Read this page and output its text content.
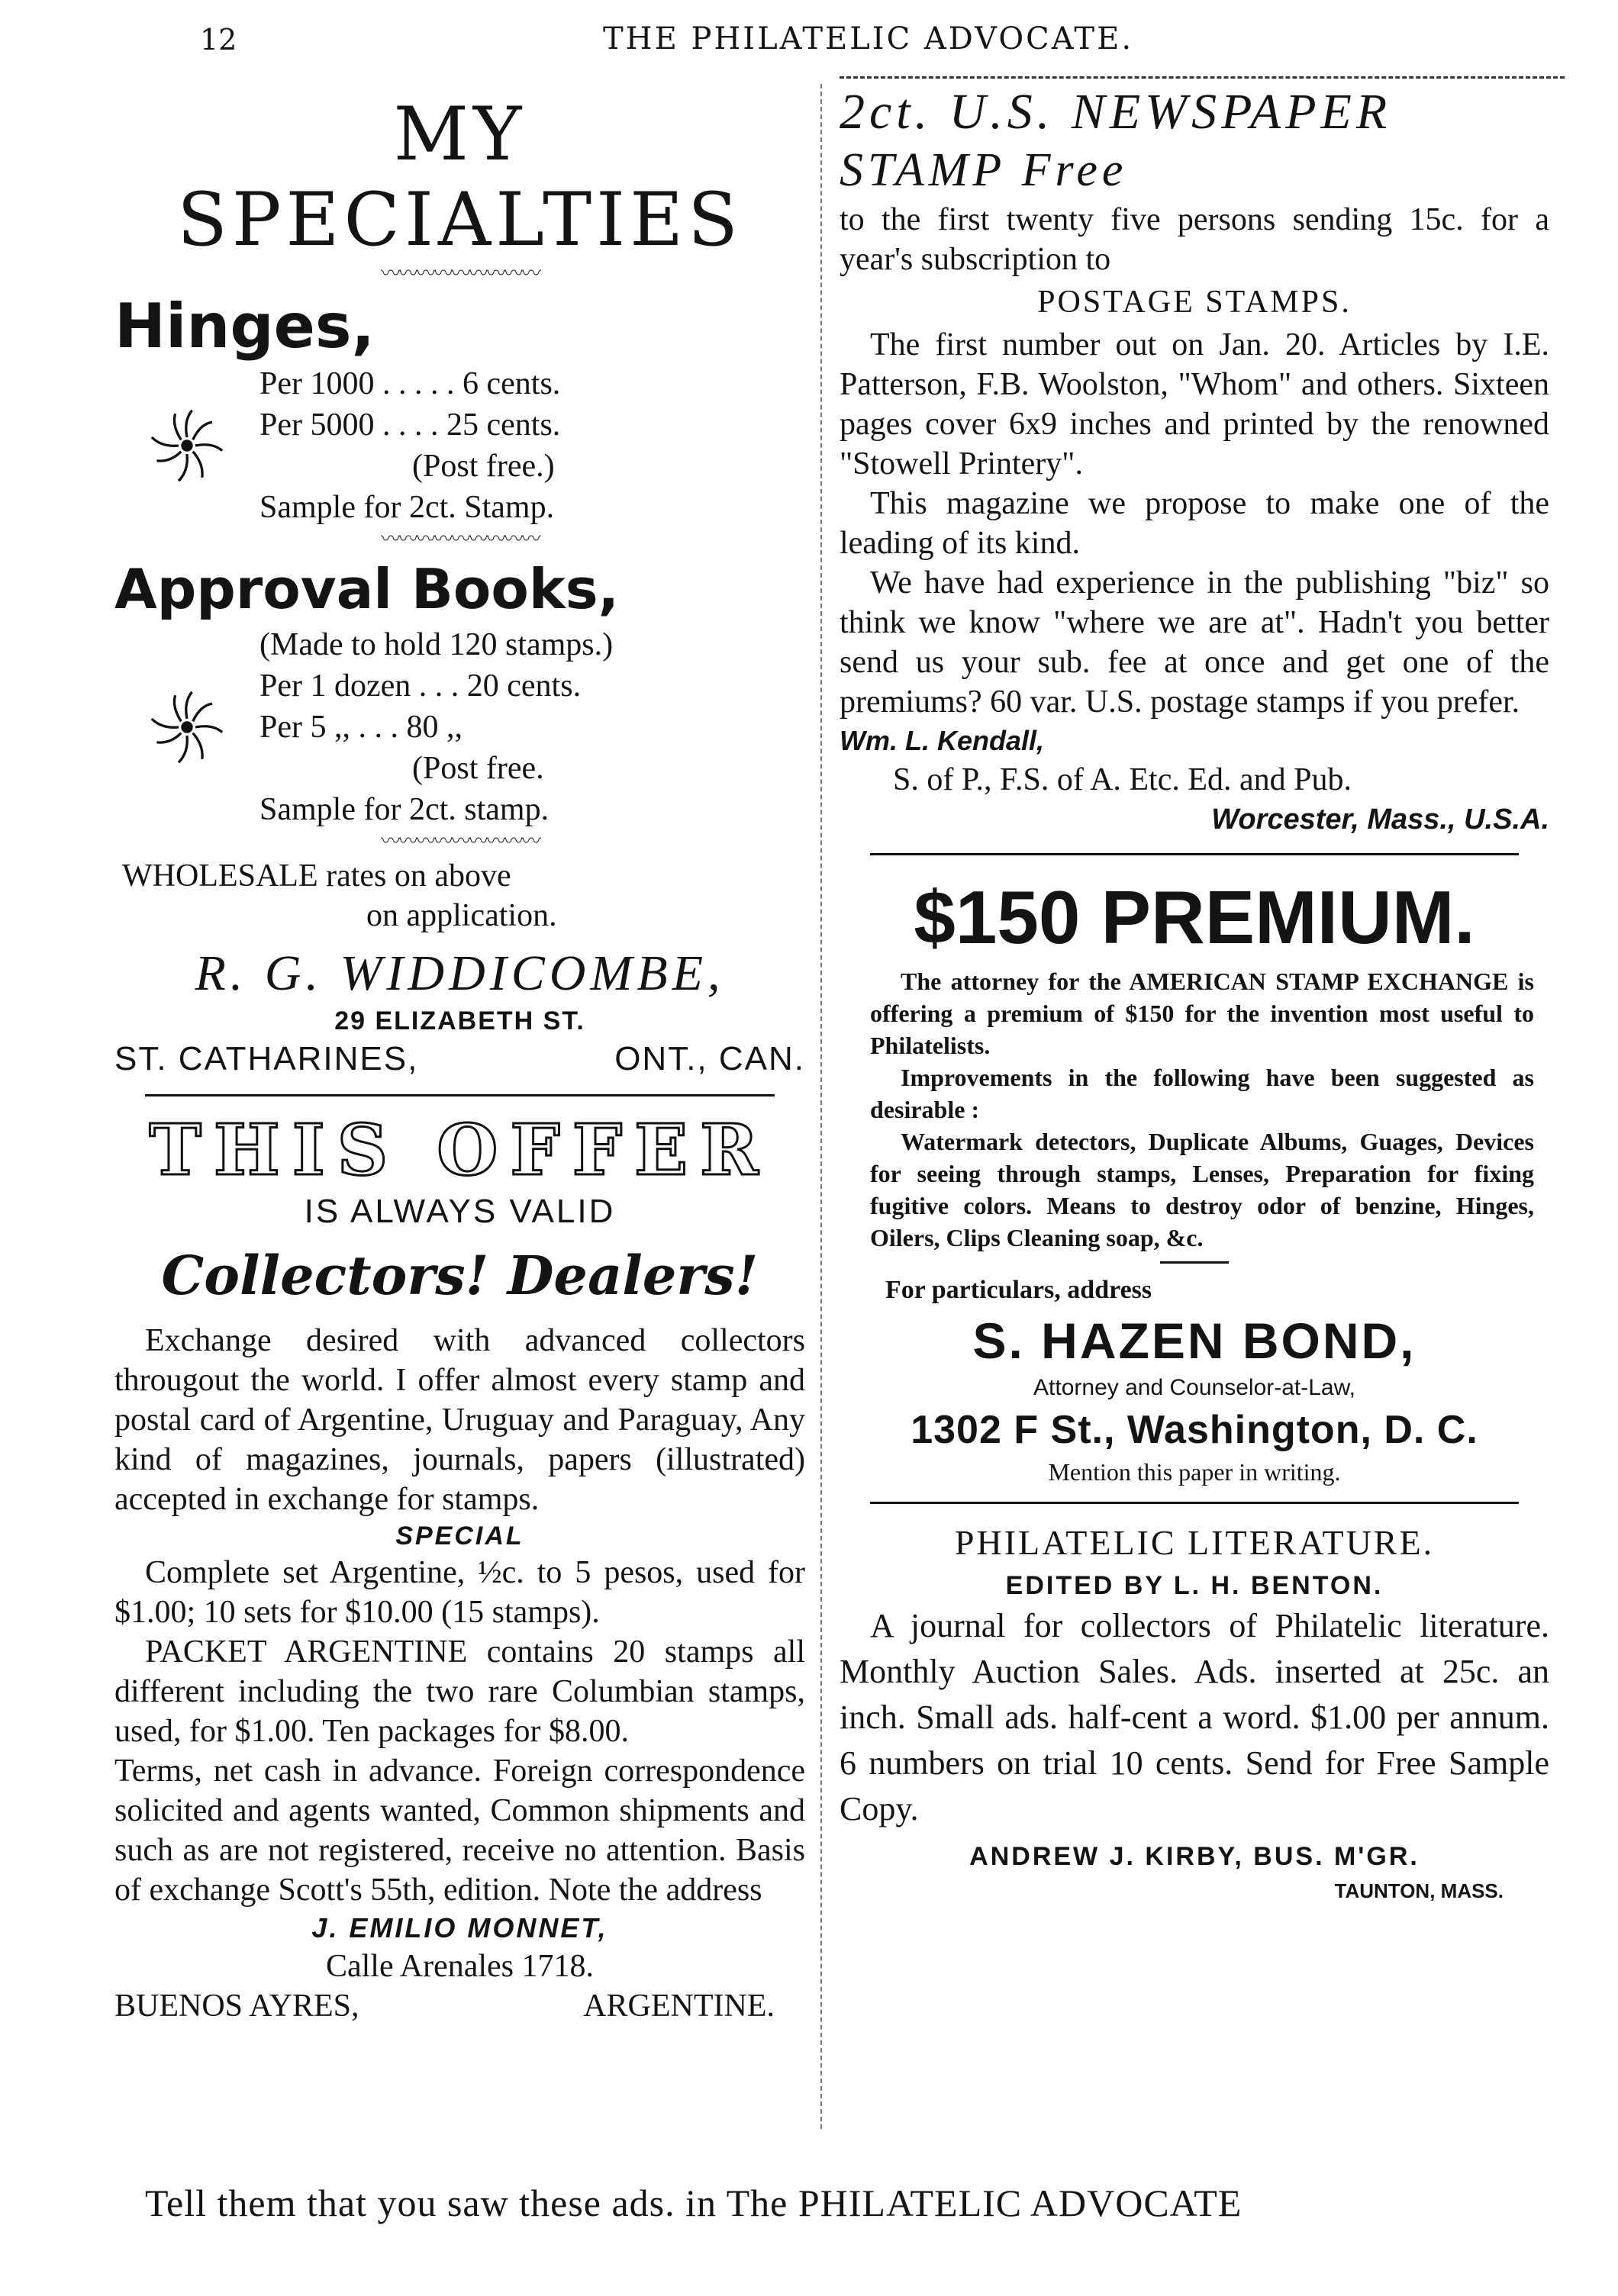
12	THE PHILATELIC ADVOCATE.
MY SPECIALTIES
〰〰〰〰〰〰〰〰〰
Hinges,
Per 1000 . . . . . 6 cents.
Per 5000 . . . . 25 cents.
(Post free.)
Sample for 2ct. Stamp.
〰〰〰〰〰〰〰〰〰
Approval Books,
(Made to hold 120 stamps.)
Per 1 dozen . . . 20 cents.
Per 5 ,, . . . 80 ,,
(Post free.
Sample for 2ct. stamp.
〰〰〰〰〰〰〰〰〰
WHOLESALE rates on above
on application.
R. G. WIDDICOMBE,
29 ELIZABETH ST.
ST. CATHARINES,	ONT., CAN.
THIS OFFER
IS ALWAYS VALID
Collectors! Dealers!
Exchange desired with advanced collectors througout the world. I offer almost every stamp and postal card of Argentine, Uruguay and Paraguay, Any kind of magazines, journals, papers (illustrated) accepted in exchange for stamps.
SPECIAL
Complete set Argentine, ½c. to 5 pesos, used for $1.00; 10 sets for $10.00 (15 stamps).
PACKET ARGENTINE contains 20 stamps all different including the two rare Columbian stamps, used, for $1.00. Ten packages for $8.00.
Terms, net cash in advance. Foreign correspondence solicited and agents wanted, Common shipments and such as are not registered, receive no attention. Basis of exchange Scott's 55th, edition. Note the address
J. EMILIO MONNET,
Calle Arenales 1718.
BUENOS AYRES,	ARGENTINE.
2ct. U.S. NEWSPAPER
STAMP Free
to the first twenty five persons sending 15c. for a year's subscription to
POSTAGE STAMPS.
The first number out on Jan. 20. Articles by I.E. Patterson, F.B. Woolston, "Whom" and others. Sixteen pages cover 6x9 inches and printed by the renowned "Stowell Printery".
This magazine we propose to make one of the leading of its kind.
We have had experience in the publishing "biz" so think we know "where we are at". Hadn't you better send us your sub. fee at once and get one of the premiums? 60 var. U.S. postage stamps if you prefer.
Wm. L. Kendall,
S. of P., F.S. of A. Etc. Ed. and Pub.
Worcester, Mass., U.S.A.
$150 PREMIUM.
The attorney for the AMERICAN STAMP EXCHANGE is offering a premium of $150 for the invention most useful to Philatelists.
Improvements in the following have been suggested as desirable :
Watermark detectors, Duplicate Albums, Guages, Devices for seeing through stamps, Lenses, Preparation for fixing fugitive colors. Means to destroy odor of benzine, Hinges, Oilers, Clips Cleaning soap, &c.
For particulars, address
S. HAZEN BOND,
Attorney and Counselor-at-Law,
1302 F St., Washington, D. C.
Mention this paper in writing.
PHILATELIC LITERATURE.
EDITED BY L. H. BENTON.
A journal for collectors of Philatelic literature. Monthly Auction Sales. Ads. inserted at 25c. an inch. Small ads. half-cent a word. $1.00 per annum. 6 numbers on trial 10 cents. Send for Free Sample Copy.
ANDREW J. KIRBY, BUS. M'GR.
TAUNTON, MASS.
Tell them that you saw these ads. in The PHILATELIC ADVOCATE
